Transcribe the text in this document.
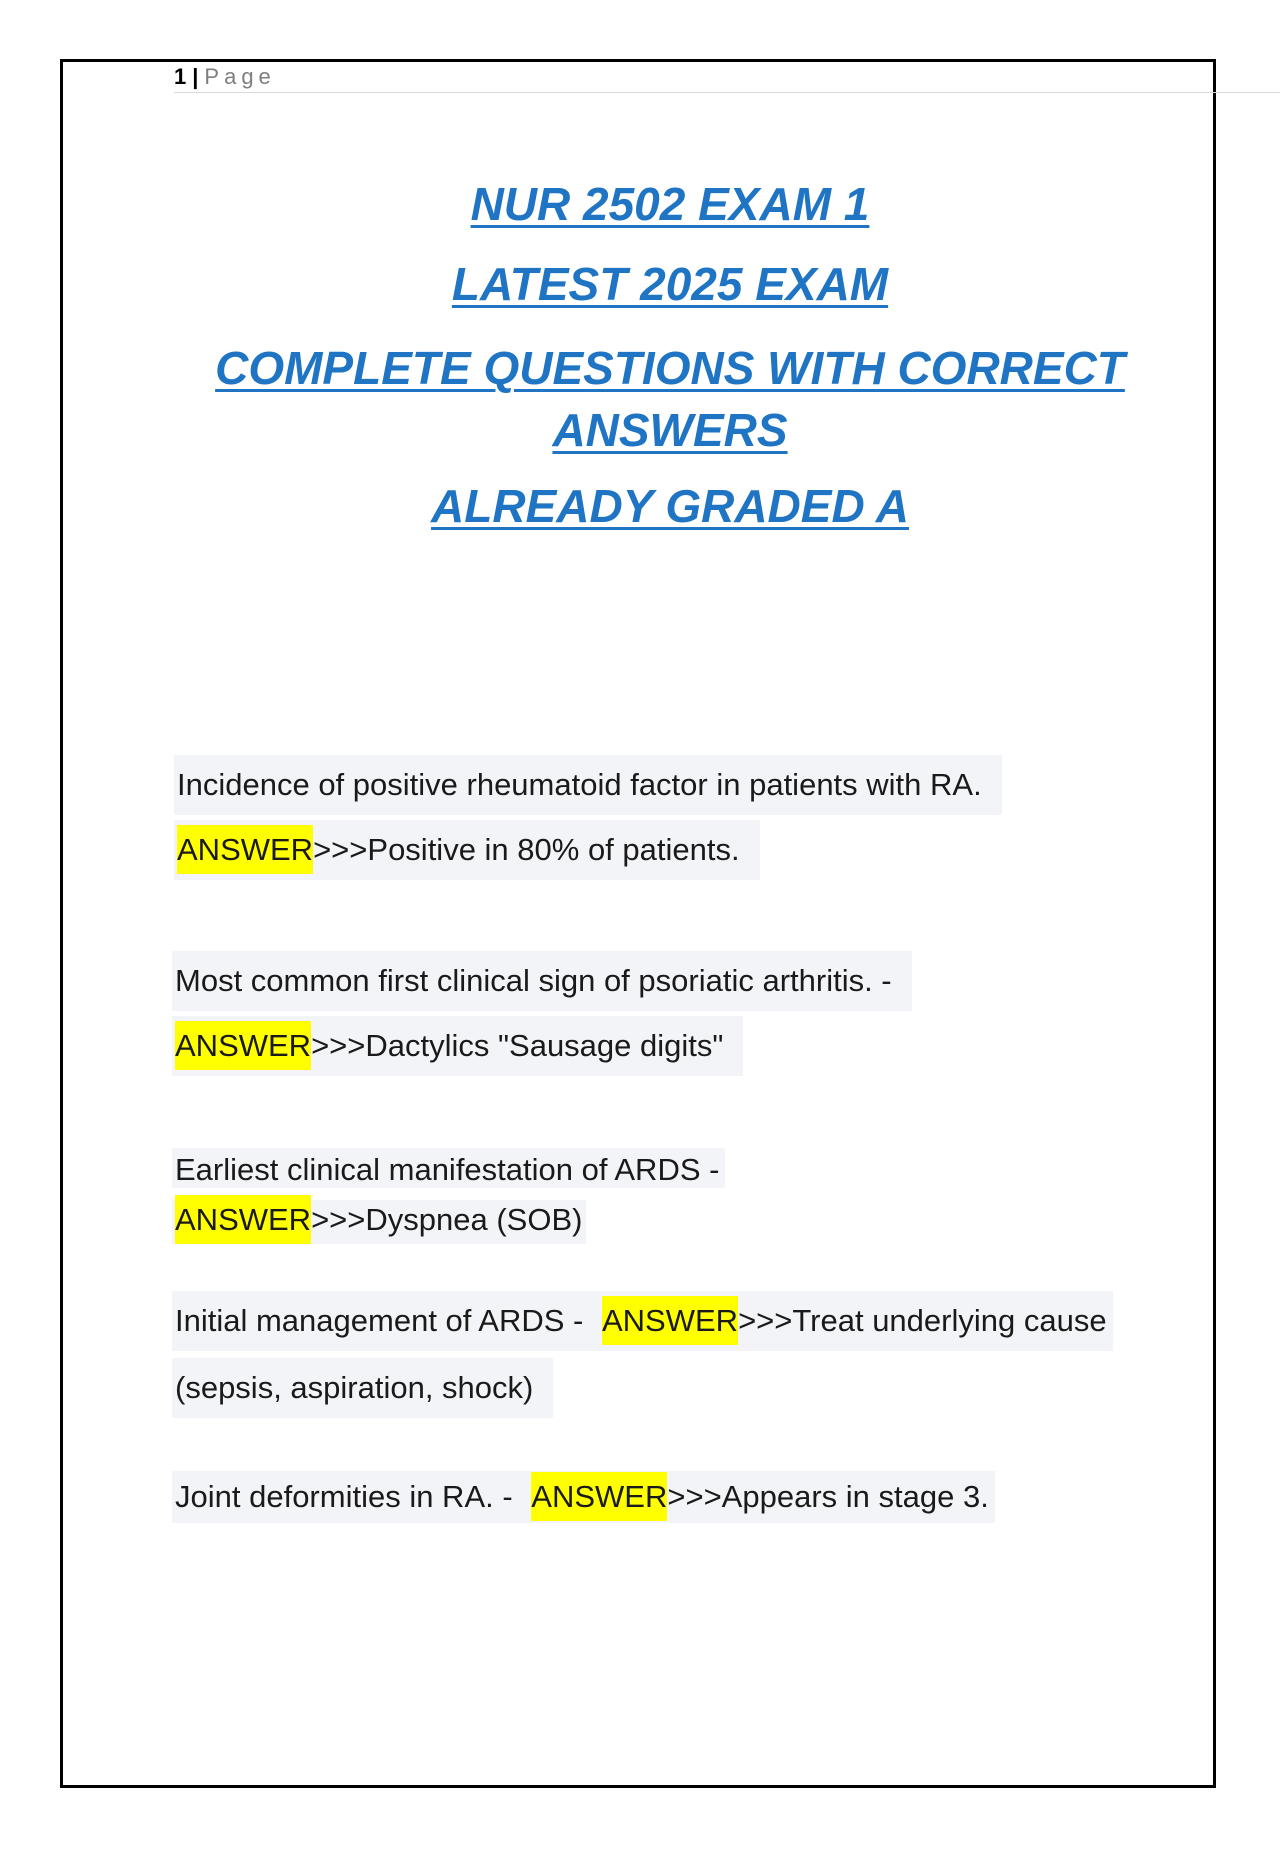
1 | Page
NUR 2502 EXAM 1
LATEST 2025 EXAM
COMPLETE QUESTIONS WITH CORRECT
ANSWERS
ALREADY GRADED A
Incidence of positive rheumatoid factor in patients with RA.
ANSWER>>>Positive in 80% of patients.
Most common first clinical sign of psoriatic arthritis. -
ANSWER>>>Dactylics "Sausage digits"
Earliest clinical manifestation of ARDS -
ANSWER>>>Dyspnea (SOB)
Initial management of ARDS - ANSWER>>>Treat underlying cause
(sepsis, aspiration, shock)
Joint deformities in RA. - ANSWER>>>Appears in stage 3.
